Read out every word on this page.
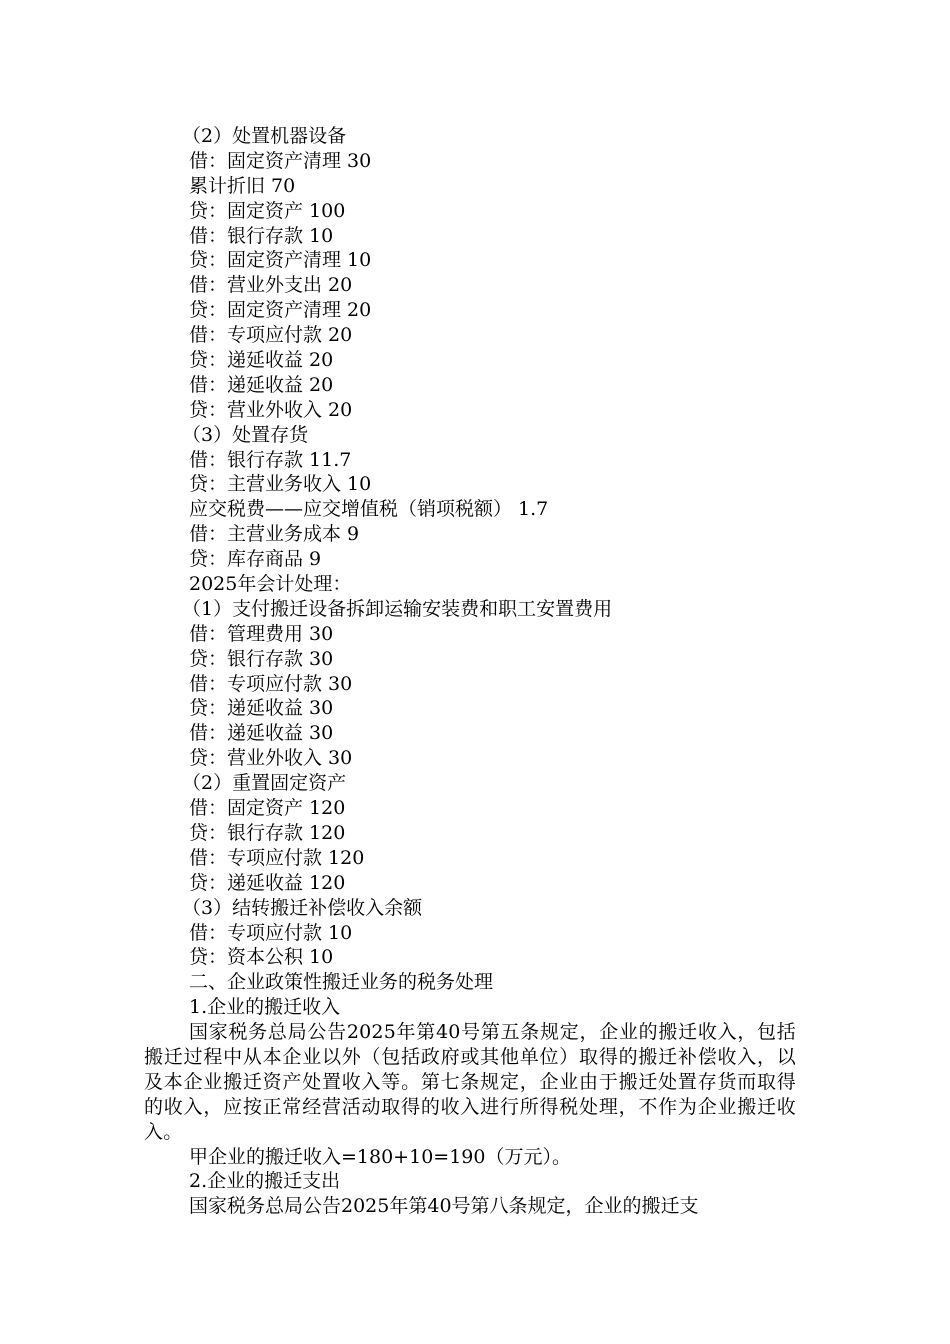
（2）处置机器设备
借：固定资产清理 30
累计折旧 70
贷：固定资产 100
借：银行存款 10
贷：固定资产清理 10
借：营业外支出 20
贷：固定资产清理 20
借：专项应付款 20
贷：递延收益 20
借：递延收益 20
贷：营业外收入 20
（3）处置存货
借：银行存款 11.7
贷：主营业务收入 10
应交税费——应交增值税（销项税额） 1.7
借：主营业务成本 9
贷：库存商品 9
2025年会计处理：
（1）支付搬迁设备拆卸运输安装费和职工安置费用
借：管理费用 30
贷：银行存款 30
借：专项应付款 30
贷：递延收益 30
借：递延收益 30
贷：营业外收入 30
（2）重置固定资产
借：固定资产 120
贷：银行存款 120
借：专项应付款 120
贷：递延收益 120
（3）结转搬迁补偿收入余额
借：专项应付款 10
贷：资本公积 10
二、企业政策性搬迁业务的税务处理
1.企业的搬迁收入
国家税务总局公告2025年第40号第五条规定，企业的搬迁收入，包括搬迁过程中从本企业以外（包括政府或其他单位）取得的搬迁补偿收入，以及本企业搬迁资产处置收入等。第七条规定，企业由于搬迁处置存货而取得的收入，应按正常经营活动取得的收入进行所得税处理，不作为企业搬迁收入。
甲企业的搬迁收入=180+10=190（万元）。
2.企业的搬迁支出
国家税务总局公告2025年第40号第八条规定，企业的搬迁支
